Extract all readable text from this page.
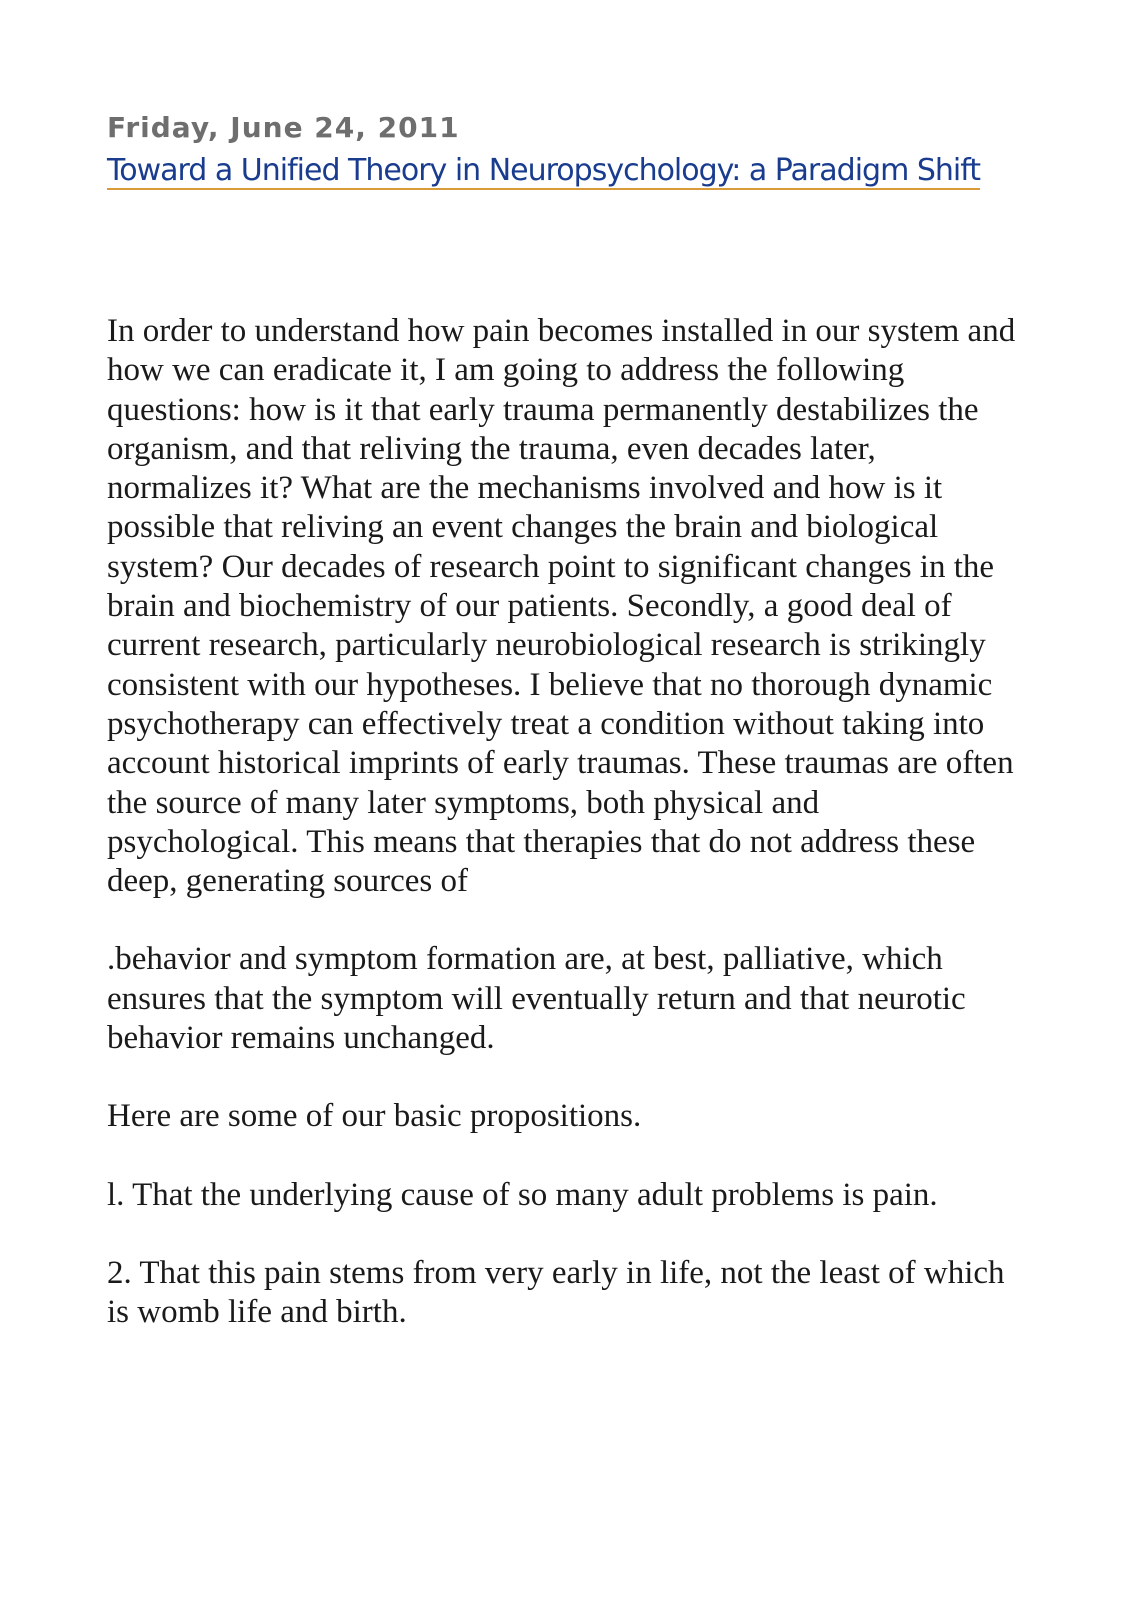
Friday, June 24, 2011
Toward a Unified Theory in Neuropsychology: a Paradigm Shift

In order to understand how pain becomes installed in our system and how we can eradicate it, I am going to address the following questions: how is it that early trauma permanently destabilizes the organism, and that reliving the trauma, even decades later, normalizes it? What are the mechanisms involved and how is it possible that reliving an event changes the brain and biological system? Our decades of research point to significant changes in the brain and biochemistry of our patients. Secondly, a good deal of current research, particularly neurobiological research is strikingly consistent with our hypotheses. I believe that no thorough dynamic psychotherapy can effectively treat a condition without taking into account historical imprints of early traumas. These traumas are often the source of many later symptoms, both physical and psychological. This means that therapies that do not address these deep, generating sources of

.behavior and symptom formation are, at best, palliative, which ensures that the symptom will eventually return and that neurotic behavior remains unchanged.

Here are some of our basic propositions.

l. That the underlying cause of so many adult problems is pain.

2. That this pain stems from very early in life, not the least of which is womb life and birth.
